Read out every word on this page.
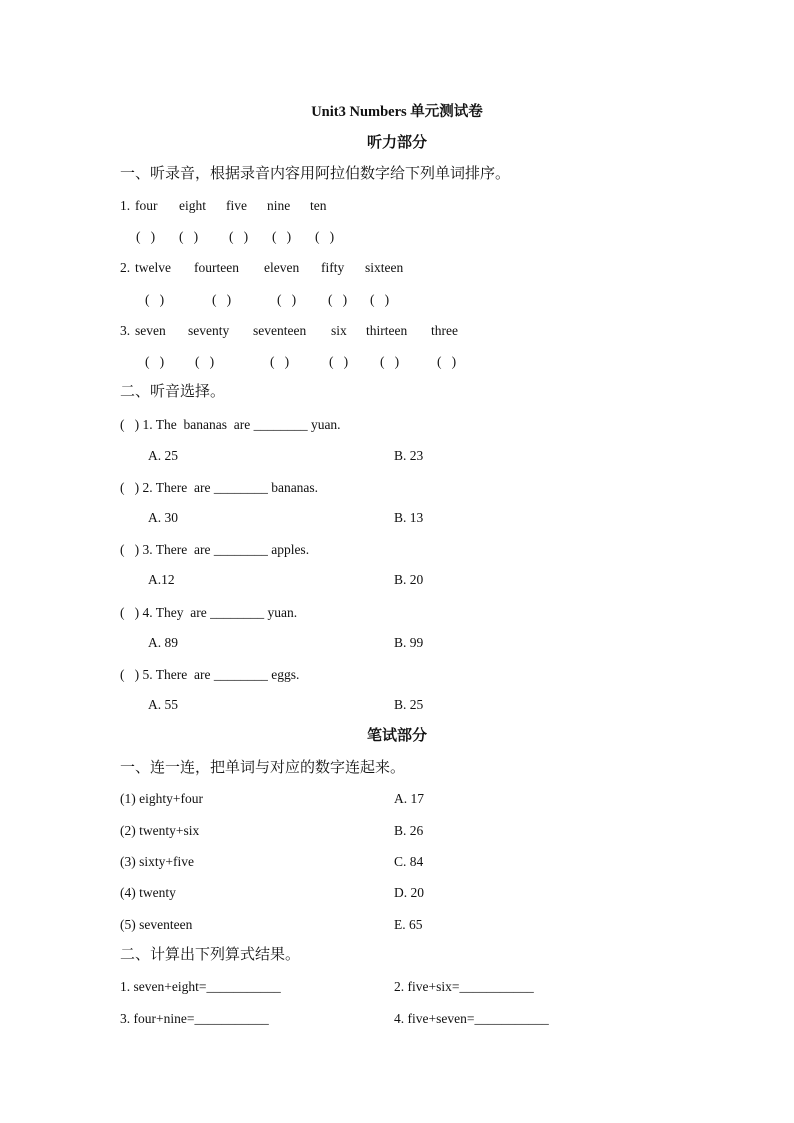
Unit3 Numbers 单元测试卷
听力部分
一、听录音，根据录音内容用阿拉伯数字给下列单词排序。
1. four eight five nine ten
(   ) (   ) (   ) (   ) (   )
2. twelve fourteen eleven fifty sixteen
(   )	(   )	(   ) (   ) (   )
3. seven seventy seventeen six thirteen three
(   ) (   )	(   )	(   ) (   )	(   )
二、听音选择。
(   ) 1. The  bananas  are ________ yuan.
A. 25	B. 23
(   ) 2. There  are ________ bananas.
A. 30	B. 13
(   ) 3. There  are ________ apples.
A.12	B. 20
(   ) 4. They  are ________ yuan.
A. 89	B. 99
(   ) 5. There  are ________ eggs.
A. 55	B. 25
笔试部分
一、连一连，把单词与对应的数字连起来。
(1) eighty+four	A. 17
(2) twenty+six	B. 26
(3) sixty+five	C. 84
(4) twenty	D. 20
(5) seventeen	E. 65
二、计算出下列算式结果。
1. seven+eight=___________	2. five+six=___________
3. four+nine=___________	4. five+seven=___________
